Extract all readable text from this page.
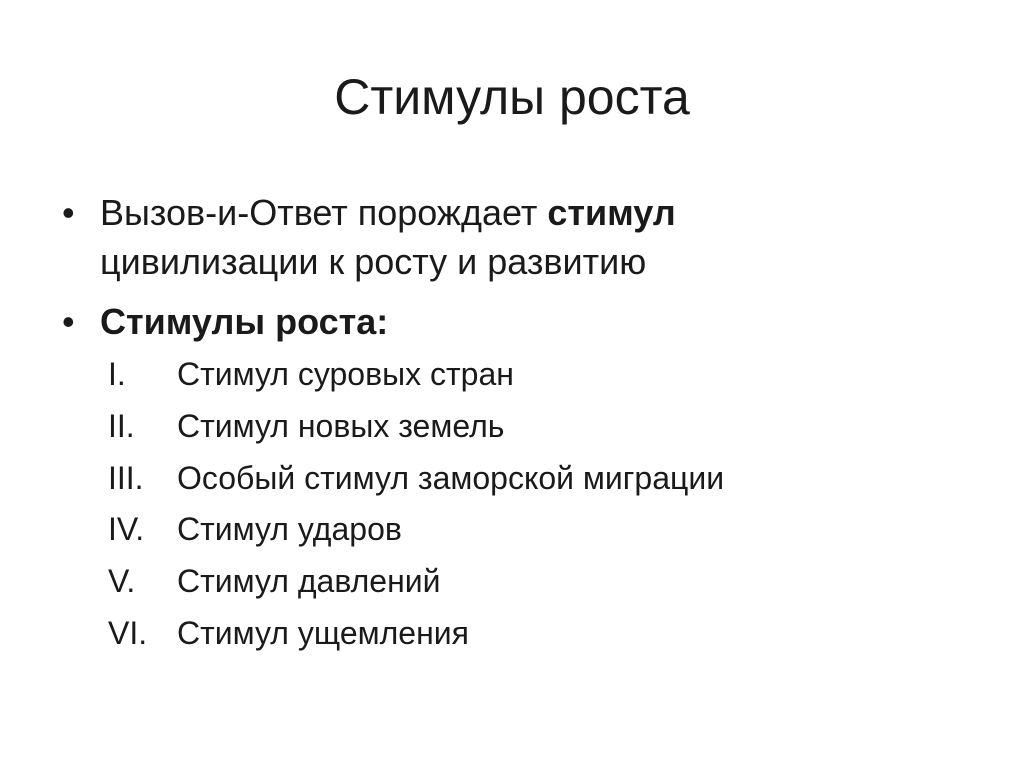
Стимулы роста
• Вызов-и-Ответ порождает стимул
цивилизации к росту и развитию
• Стимулы роста:
I.	Стимул суровых стран
II.	Стимул новых земель
III.	Особый стимул заморской миграции
IV.	Стимул ударов
V.	Стимул давлений
VI. Стимул ущемления
